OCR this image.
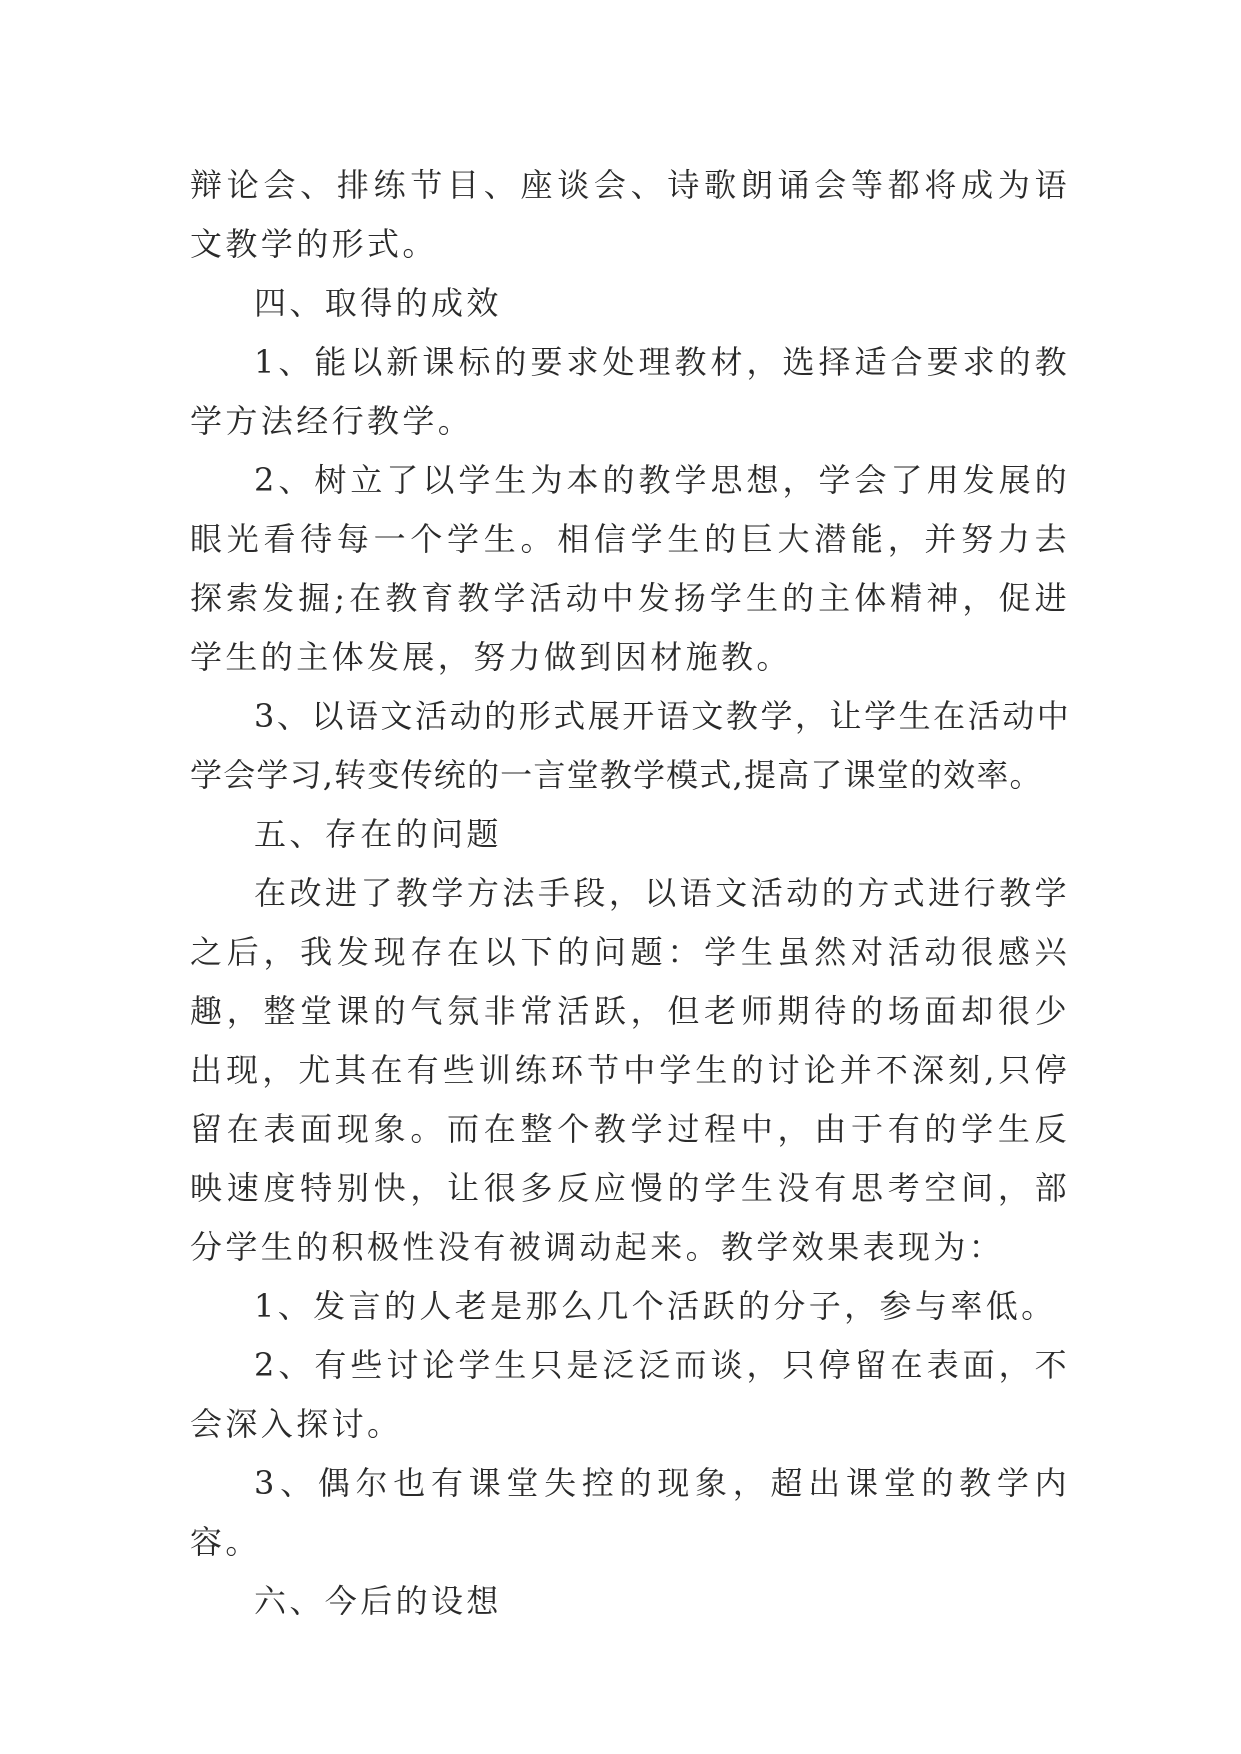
辩论会、排练节目、座谈会、诗歌朗诵会等都将成为语文教学的形式。

四、取得的成效

1、能以新课标的要求处理教材，选择适合要求的教学方法经行教学。

2、树立了以学生为本的教学思想，学会了用发展的眼光看待每一个学生。相信学生的巨大潜能，并努力去探索发掘;在教育教学活动中发扬学生的主体精神，促进学生的主体发展，努力做到因材施教。

3、以语文活动的形式展开语文教学，让学生在活动中学会学习,转变传统的一言堂教学模式,提高了课堂的效率。

五、存在的问题

在改进了教学方法手段，以语文活动的方式进行教学之后，我发现存在以下的问题：学生虽然对活动很感兴趣，整堂课的气氛非常活跃，但老师期待的场面却很少出现，尤其在有些训练环节中学生的讨论并不深刻,只停留在表面现象。而在整个教学过程中，由于有的学生反映速度特别快，让很多反应慢的学生没有思考空间，部分学生的积极性没有被调动起来。教学效果表现为：

1、发言的人老是那么几个活跃的分子，参与率低。

2、有些讨论学生只是泛泛而谈，只停留在表面，不会深入探讨。

3、偶尔也有课堂失控的现象，超出课堂的教学内容。

六、今后的设想
